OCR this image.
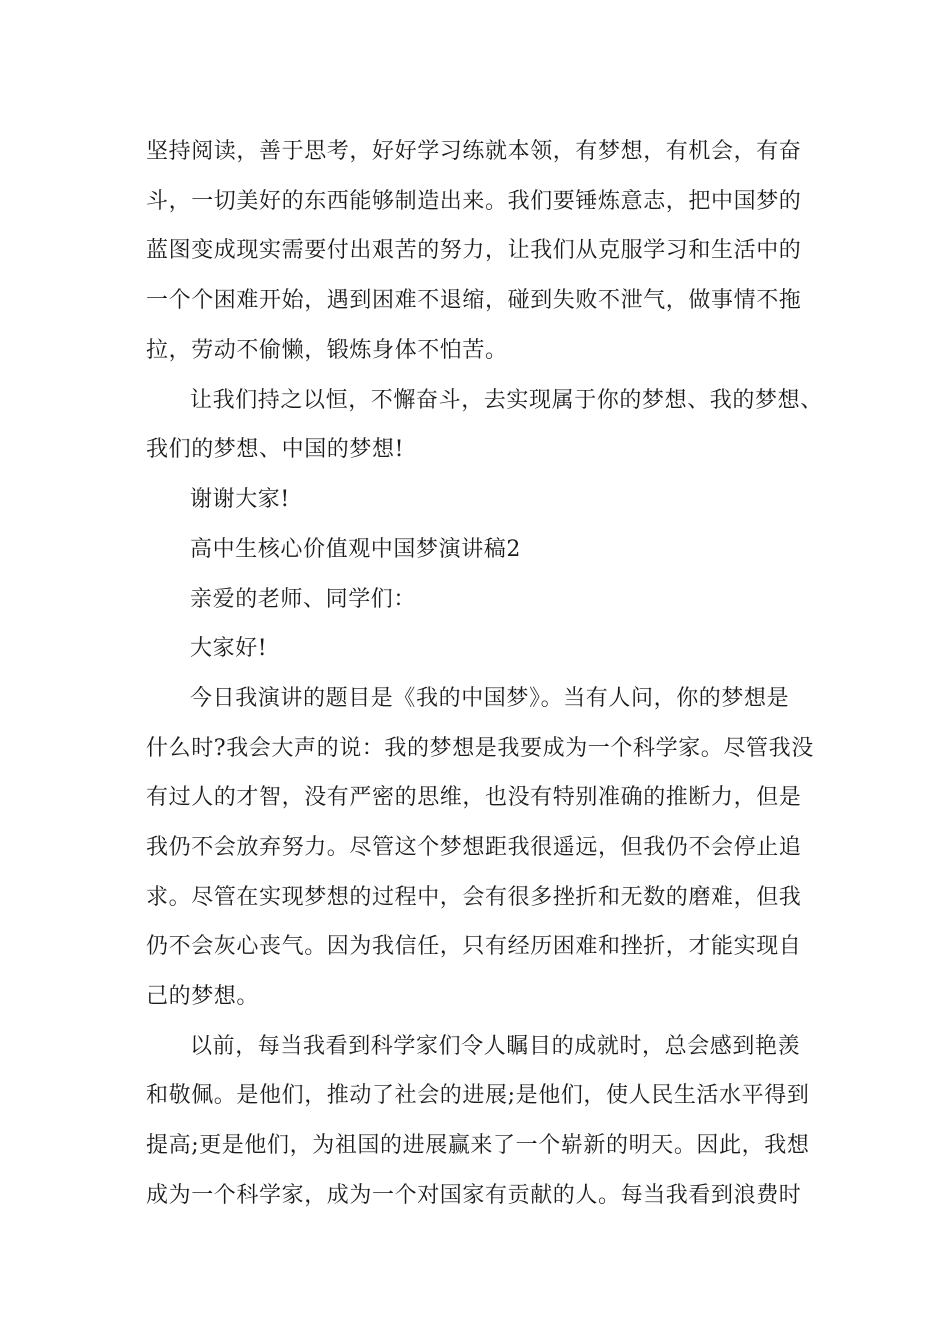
坚持阅读，善于思考，好好学习练就本领，有梦想，有机会，有奋
斗，一切美好的东西能够制造出来。我们要锤炼意志，把中国梦的
蓝图变成现实需要付出艰苦的努力，让我们从克服学习和生活中的
一个个困难开始，遇到困难不退缩，碰到失败不泄气，做事情不拖
拉，劳动不偷懒，锻炼身体不怕苦。
让我们持之以恒，不懈奋斗，去实现属于你的梦想、我的梦想、
我们的梦想、中国的梦想!
谢谢大家!
高中生核心价值观中国梦演讲稿2
亲爱的老师、同学们：
大家好!
今日我演讲的题目是《我的中国梦》。当有人问，你的梦想是
什么时?我会大声的说：我的梦想是我要成为一个科学家。尽管我没
有过人的才智，没有严密的思维，也没有特别准确的推断力，但是
我仍不会放弃努力。尽管这个梦想距我很遥远，但我仍不会停止追
求。尽管在实现梦想的过程中，会有很多挫折和无数的磨难，但我
仍不会灰心丧气。因为我信任，只有经历困难和挫折，才能实现自
己的梦想。
以前，每当我看到科学家们令人瞩目的成就时，总会感到艳羡
和敬佩。是他们，推动了社会的进展;是他们，使人民生活水平得到
提高;更是他们，为祖国的进展赢来了一个崭新的明天。因此，我想
成为一个科学家，成为一个对国家有贡献的人。每当我看到浪费时
